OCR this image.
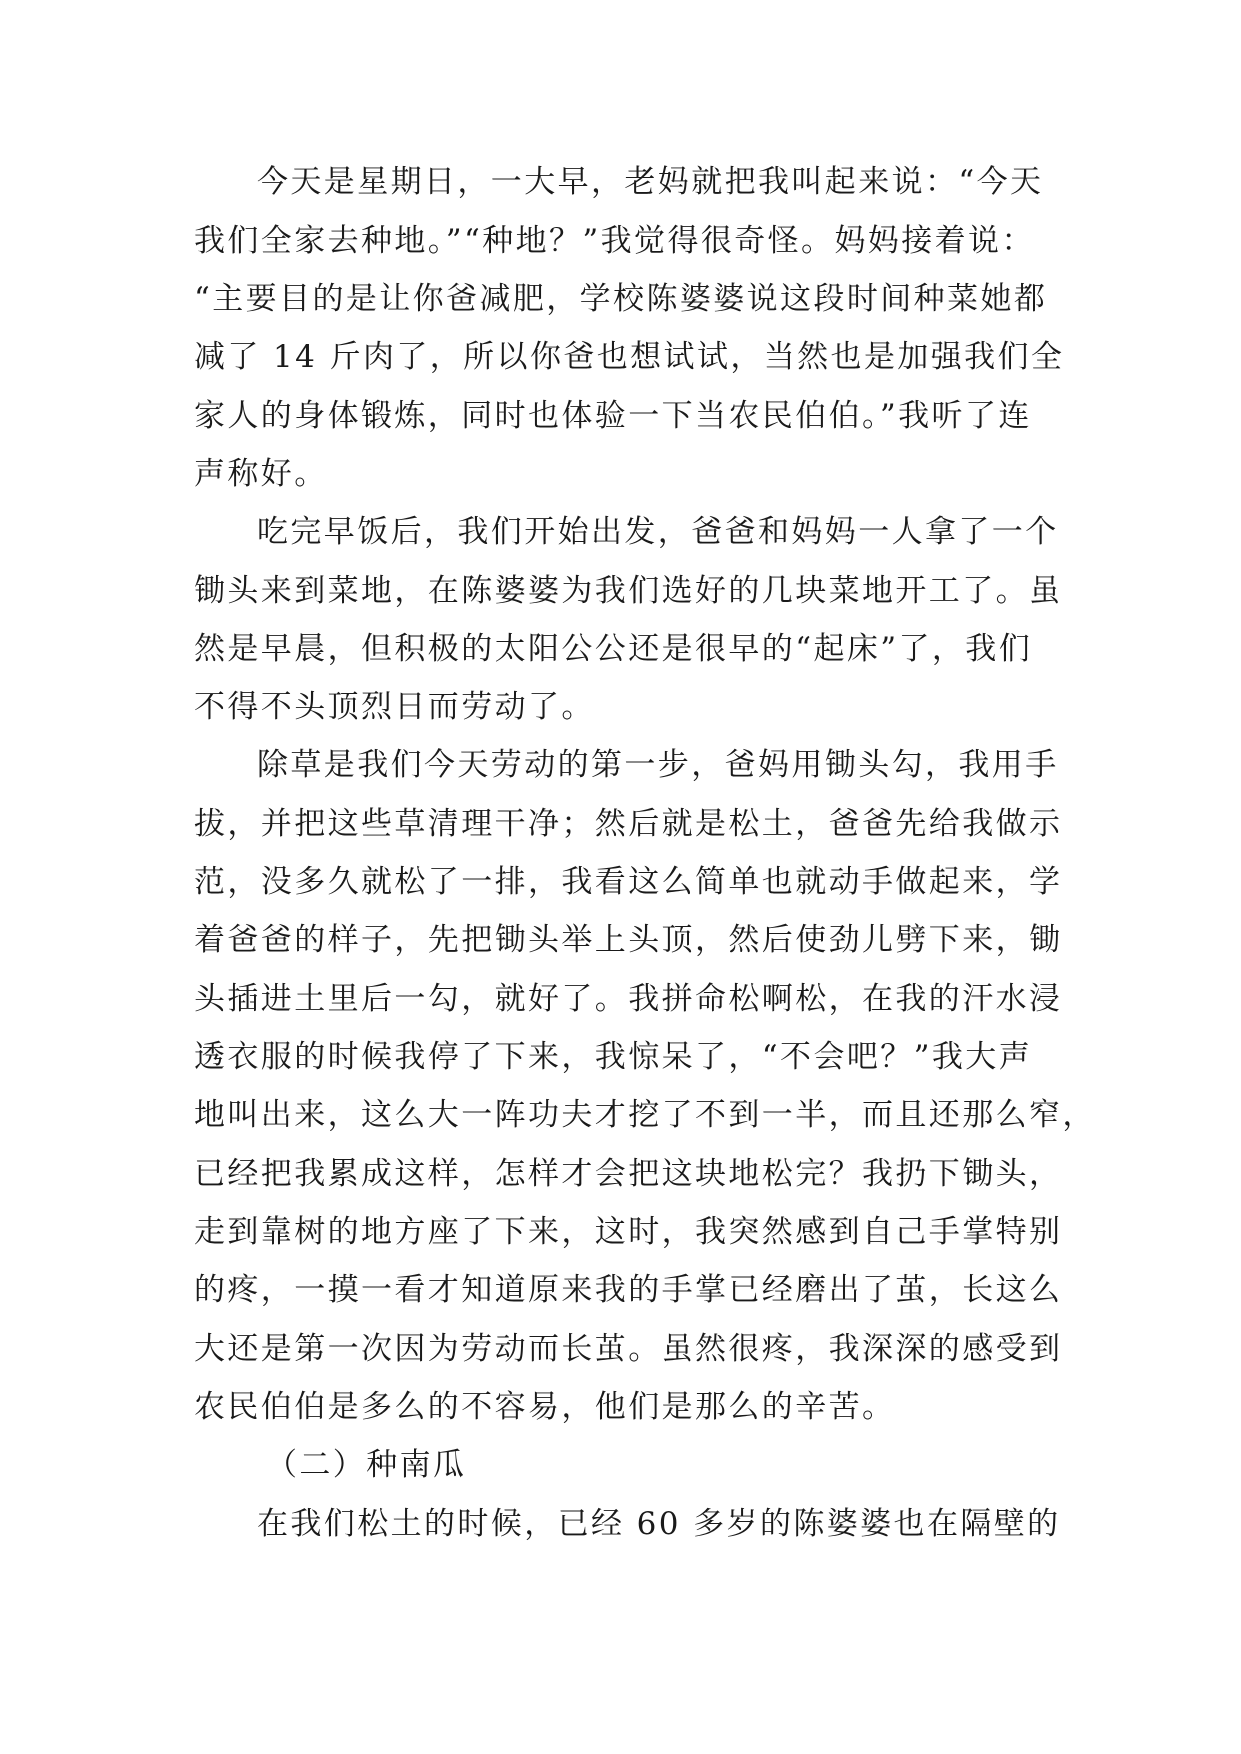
今天是星期日，一大早，老妈就把我叫起来说：“今天
我们全家去种地。”“种地？”我觉得很奇怪。妈妈接着说：
“主要目的是让你爸减肥，学校陈婆婆说这段时间种菜她都
减了 14 斤肉了，所以你爸也想试试，当然也是加强我们全
家人的身体锻炼，同时也体验一下当农民伯伯。”我听了连
声称好。
吃完早饭后，我们开始出发，爸爸和妈妈一人拿了一个
锄头来到菜地，在陈婆婆为我们选好的几块菜地开工了。虽
然是早晨，但积极的太阳公公还是很早的“起床”了，我们
不得不头顶烈日而劳动了。
除草是我们今天劳动的第一步，爸妈用锄头勾，我用手
拔，并把这些草清理干净；然后就是松土，爸爸先给我做示
范，没多久就松了一排，我看这么简单也就动手做起来，学
着爸爸的样子，先把锄头举上头顶，然后使劲儿劈下来，锄
头插进土里后一勾，就好了。我拼命松啊松，在我的汗水浸
透衣服的时候我停了下来，我惊呆了，“不会吧？”我大声
地叫出来，这么大一阵功夫才挖了不到一半，而且还那么窄，
已经把我累成这样，怎样才会把这块地松完？我扔下锄头，
走到靠树的地方座了下来，这时，我突然感到自己手掌特别
的疼，一摸一看才知道原来我的手掌已经磨出了茧，长这么
大还是第一次因为劳动而长茧。虽然很疼，我深深的感受到
农民伯伯是多么的不容易，他们是那么的辛苦。
（二）种南瓜
在我们松土的时候，已经 60 多岁的陈婆婆也在隔壁的
